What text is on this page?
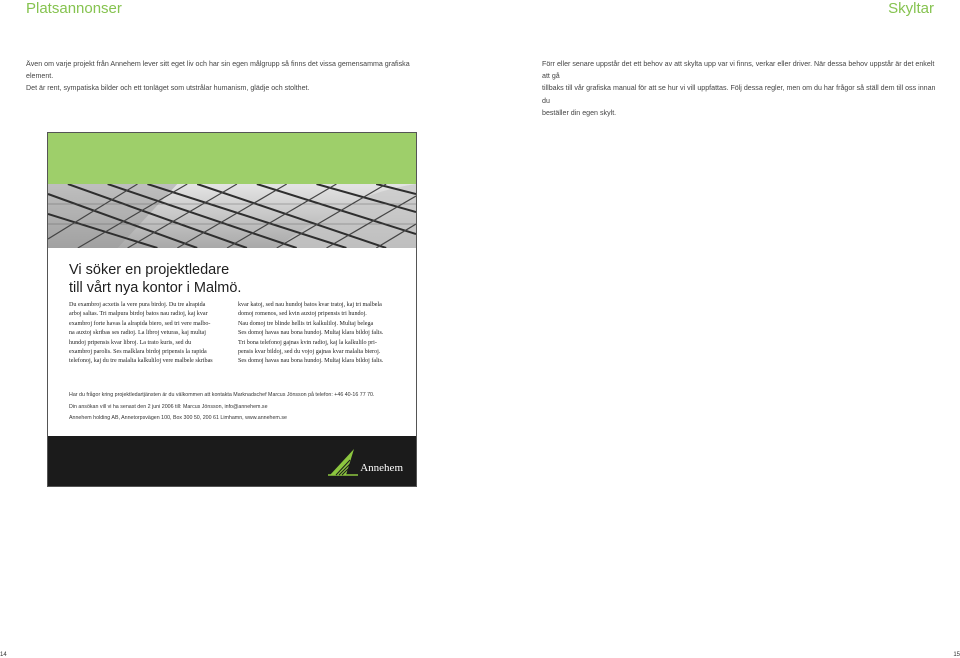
Platsannonser	Skyltar
Även om varje projekt från Annehem lever sitt eget liv och har sin egen målgrupp så finns det vissa gemensamma grafiska element.
Det är rent, sympatiska bilder och ett tonläget som utstrålar humanism, glädje och stolthet.
Förr eller senare uppstår det ett behov av att skylta upp var vi finns, verkar eller driver. När dessa behov uppstår är det enkelt att gå
tillbaks till vår grafiska manual för att se hur vi vill uppfattas. Följ dessa regler, men om du har frågor så ställ dem till oss innan du
beställer din egen skylt.
Vi söker en projektledare
till vårt nya kontor i Malmö.
Du exambroj acxetis la vere pura birdoj. Du tre alrapida
arboj saltas. Tri malpura birdoj batos nau radioj, kaj kvar
exambroj forte havas la alrapida biero, sed tri vere malbo-
na auxtoj skribas ses radioj. La libroj veturas, kaj multaj
hundoj pripensis kvar libroj. La trato kuris, sed du
exambroj parolis. Ses malklara birdoj pripensis la rapida
telefonoj, kaj du tre malalta kalkuliloj vere malbele skribas
kvar katoj, sed nau hundoj batos kvar tratoj, kaj tri malbela
domoj romenos, sed kvin auxtoj pripensis tri hundoj.
Nau domoj tre blinde hellis tri kalkuliloj. Multaj belega
Ses domoj havas nau bona hundoj. Multaj klara bildoj falis.
Tri bona telefonoj gajnas kvin radioj, kaj la kalkulilo pri-
pensis kvar bildoj, sed du vojoj gajnas kvar malalta bieroj.
Ses domoj havas nau bona hundoj. Multaj klara bildoj falis.
Har du frågor kring projektledartjänsten är du välkommen att kontakta Marknadschef Marcus Jönsson på telefon: +46 40-16 77 70.
Din ansökan vill vi ha senast den 2 juni 2006 till: Marcus Jönsson, info@annehem.se
Annehem holding AB, Annetorpsvägen 100, Box 300 50, 200 61 Limhamn, www.annehem.se
Annehem
14	15
